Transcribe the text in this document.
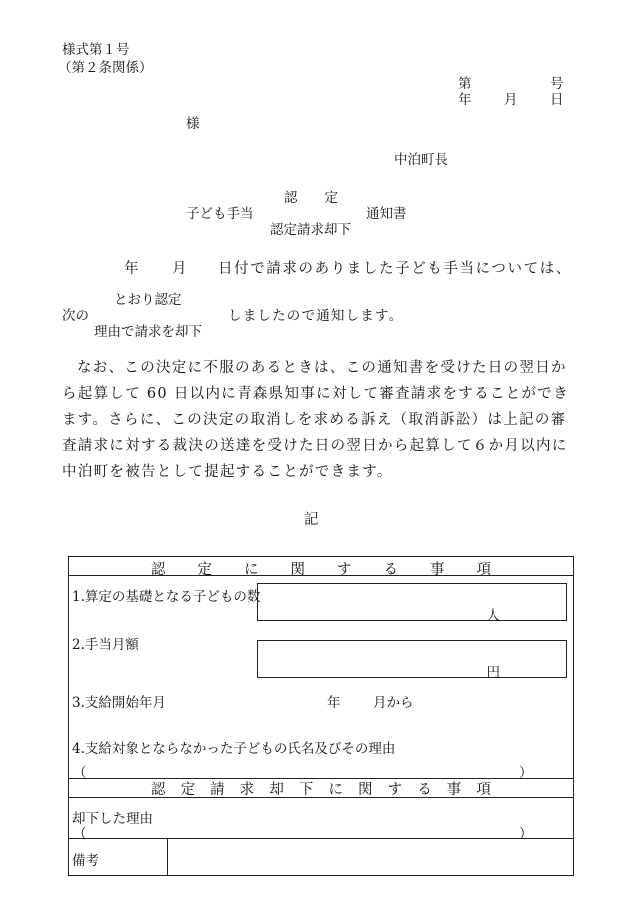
様式第１号
（第２条関係）
第	号
年 月 日
様
中泊町長
認　　定
子ども手当	通知書
認定請求却下
年 月 日付で請求のありました子ども手当については、
とおり認定
次の	しましたので通知します。
理由で請求を却下

なお、この決定に不服のあるときは、この通知書を受けた日の翌日から起算して 60 日以内に青森県知事に対して審査請求をすることができます。さらに、この決定の取消しを求める訴え（取消訴訟）は上記の審査請求に対する裁決の送達を受けた日の翌日から起算して６か月以内に中泊町を被告として提起することができます。

記
認 定 に 関 す る 事 項
1.算定の基礎となる子どもの数
人
2.手当月額
円
3.支給開始年月	年 月から
4.支給対象とならなかった子どもの氏名及びその理由
（	）
認 定 請 求 却 下 に 関 す る 事 項
却下した理由
（	）
備考
